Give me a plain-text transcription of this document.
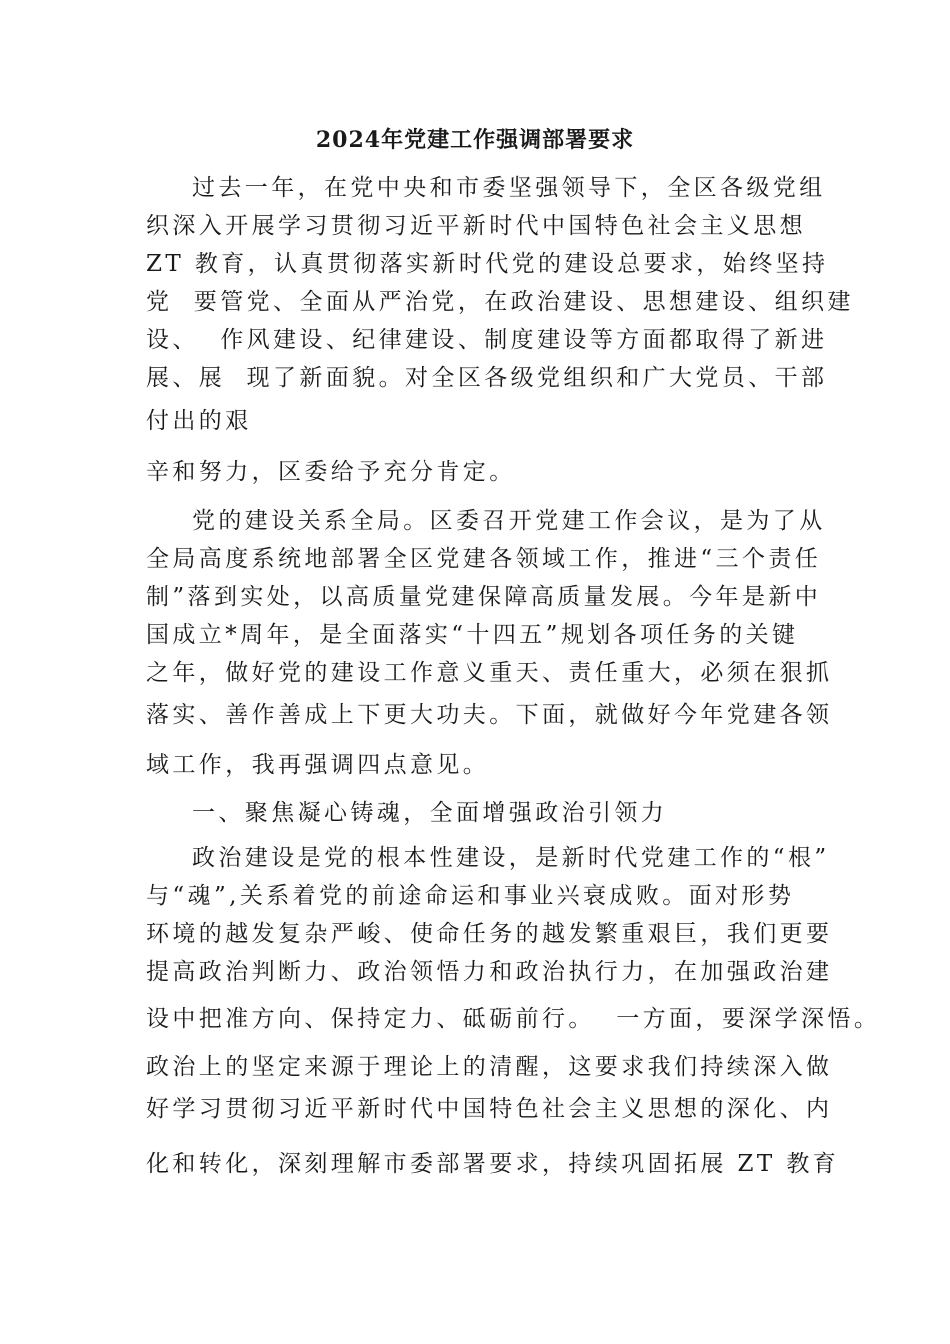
2024年党建工作强调部署要求
过去一年，在党中央和市委坚强领导下，全区各级党组
织深入开展学习贯彻习近平新时代中国特色社会主义思想
ZT 教育，认真贯彻落实新时代党的建设总要求，始终坚持
党  要管党、全面从严治党，在政治建设、思想建设、组织建
设、  作风建设、纪律建设、制度建设等方面都取得了新进
展、展  现了新面貌。对全区各级党组织和广大党员、干部
付出的艰
辛和努力，区委给予充分肯定。
党的建设关系全局。区委召开党建工作会议，是为了从
全局高度系统地部署全区党建各领域工作，推进“三个责任
制”落到实处，以高质量党建保障高质量发展。今年是新中
国成立*周年，是全面落实“十四五”规划各项任务的关键
之年，做好党的建设工作意义重天、责任重大，必须在狠抓
落实、善作善成上下更大功夫。下面，就做好今年党建各领
域工作，我再强调四点意见。
一、聚焦凝心铸魂，全面增强政治引领力
政治建设是党的根本性建设，是新时代党建工作的“根”
与“魂”,关系着党的前途命运和事业兴衰成败。面对形势
环境的越发复杂严峻、使命任务的越发繁重艰巨，我们更要
提高政治判断力、政治领悟力和政治执行力，在加强政治建
设中把准方向、保持定力、砥砺前行。  一方面，要深学深悟。
政治上的坚定来源于理论上的清醒，这要求我们持续深入做
好学习贯彻习近平新时代中国特色社会主义思想的深化、内
化和转化，深刻理解市委部署要求，持续巩固拓展 ZT 教育
